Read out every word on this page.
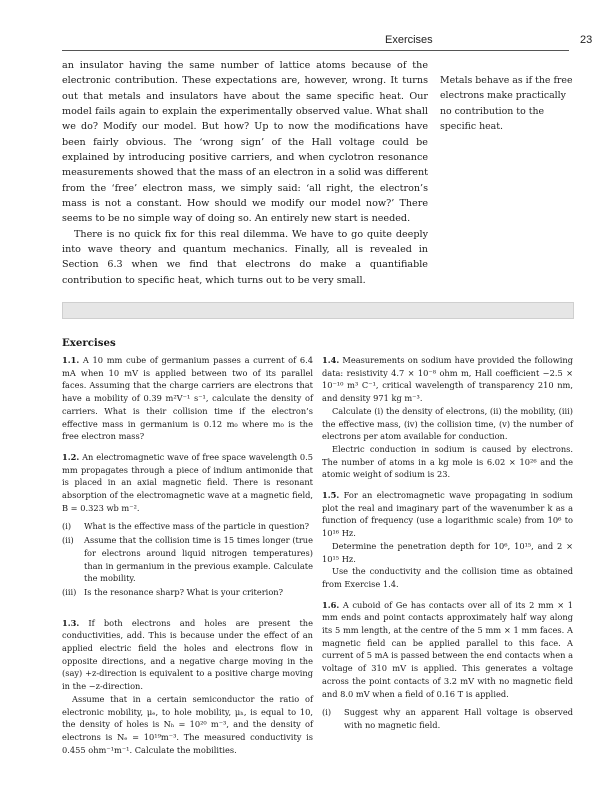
Exercises	23

an insulator having the same number of lattice atoms because of the electronic contribution. These expectations are, however, wrong. It turns out that metals and insulators have about the same specific heat. Our model fails again to explain the experimentally observed value. What shall we do? Modify our model. But how? Up to now the modifications have been fairly obvious. The ‘wrong sign’ of the Hall voltage could be explained by introducing positive carriers, and when cyclotron resonance measurements showed that the mass of an electron in a solid was different from the ‘free’ electron mass, we simply said: ‘all right, the electron’s mass is not a constant. How should we modify our model now?’ There seems to be no simple way of doing so. An entirely new start is needed.

There is no quick fix for this real dilemma. We have to go quite deeply into wave theory and quantum mechanics. Finally, all is revealed in Section 6.3 when we find that electrons do make a quantifiable contribution to specific heat, which turns out to be very small.

Metals behave as if the free electrons make practically no contribution to the specific heat.
Exercises

1.1. A 10 mm cube of germanium passes a current of 6.4 mA when 10 mV is applied between two of its parallel faces. Assuming that the charge carriers are electrons that have a mobility of 0.39 m²V⁻¹ s⁻¹, calculate the density of carriers. What is their collision time if the electron’s effective mass in germanium is 0.12 m₀ where m₀ is the free electron mass?

1.2. An electromagnetic wave of free space wavelength 0.5 mm propagates through a piece of indium antimonide that is placed in an axial magnetic field. There is resonant absorption of the electromagnetic wave at a magnetic field, B = 0.323 wb m⁻².

(i)	What is the effective mass of the particle in question?
(ii)	Assume that the collision time is 15 times longer (true for electrons around liquid nitrogen temperatures) than in germanium in the previous example. Calculate the mobility.
(iii) Is the resonance sharp? What is your criterion?

1.3. If both electrons and holes are present the conductivities, add. This is because under the effect of an applied electric field the holes and electrons flow in opposite directions, and a negative charge moving in the (say) +z-direction is equivalent to a positive charge moving in the −z-direction.

Assume that in a certain semiconductor the ratio of electronic mobility, μₑ, to hole mobility, μₕ, is equal to 10, the density of holes is Nₕ = 10²⁰ m⁻³, and the density of electrons is Nₑ = 10¹⁹m⁻³. The measured conductivity is 0.455 ohm⁻¹m⁻¹. Calculate the mobilities.

1.4. Measurements on sodium have provided the following data: resistivity 4.7 × 10⁻⁸ ohm m, Hall coefficient −2.5 × 10⁻¹⁰ m³ C⁻¹, critical wavelength of transparency 210 nm, and density 971 kg m⁻³.

Calculate (i) the density of electrons, (ii) the mobility, (iii) the effective mass, (iv) the collision time, (v) the number of electrons per atom available for conduction.

Electric conduction in sodium is caused by electrons. The number of atoms in a kg mole is 6.02 × 10²⁶ and the atomic weight of sodium is 23.

1.5. For an electromagnetic wave propagating in sodium plot the real and imaginary part of the wavenumber k as a function of frequency (use a logarithmic scale) from 10⁶ to 10¹⁶ Hz.

Determine the penetration depth for 10⁶, 10¹⁵, and 2 × 10¹⁵ Hz.

Use the conductivity and the collision time as obtained from Exercise 1.4.

1.6. A cuboid of Ge has contacts over all of its 2 mm × 1 mm ends and point contacts approximately half way along its 5 mm length, at the centre of the 5 mm × 1 mm faces. A magnetic field can be applied parallel to this face. A current of 5 mA is passed between the end contacts when a voltage of 310 mV is applied. This generates a voltage across the point contacts of 3.2 mV with no magnetic field and 8.0 mV when a field of 0.16 T is applied.

(i)	Suggest why an apparent Hall voltage is observed with no magnetic field.
